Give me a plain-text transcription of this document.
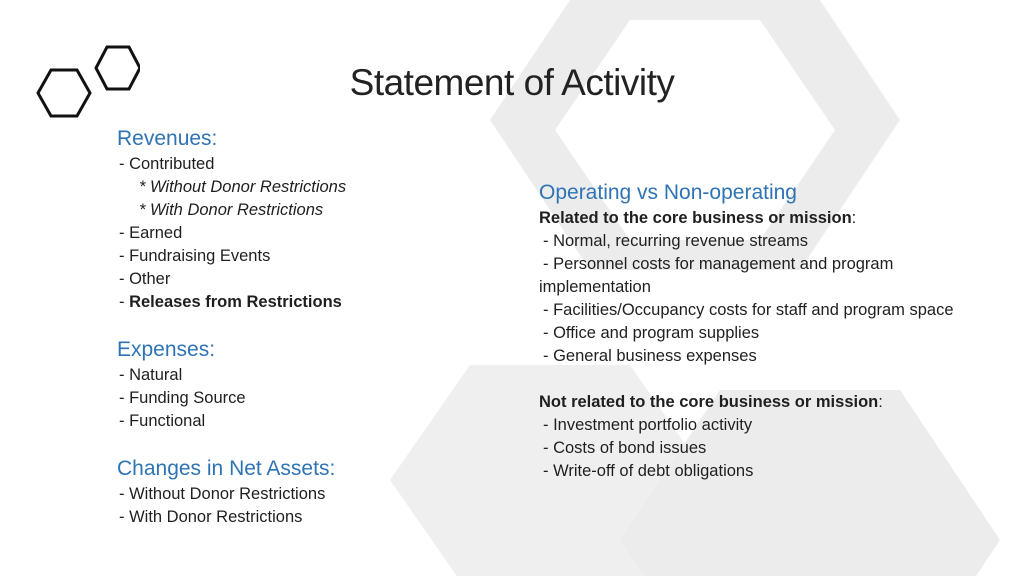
Statement of Activity
Revenues:
- Contributed
* Without Donor Restrictions
* With Donor Restrictions
- Earned
- Fundraising Events
- Other
- Releases from Restrictions
Expenses:
- Natural
- Funding Source
- Functional
Changes in Net Assets:
- Without Donor Restrictions
- With Donor Restrictions
Operating vs Non-operating
Related to the core business or mission:
- Normal, recurring revenue streams
- Personnel costs for management and program implementation
- Facilities/Occupancy costs for staff and program space
- Office and program supplies
- General business expenses
Not related to the core business or mission:
- Investment portfolio activity
- Costs of bond issues
- Write-off of debt obligations
